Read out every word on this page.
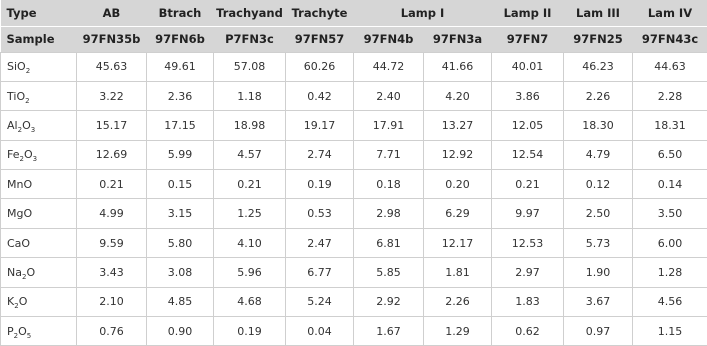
Type	AB	Btrach	Trachyand	Trachyte	Lamp I		Lamp II	Lam III	Lam IV
Sample	97FN35b	97FN6b	P7FN3c	97FN57	97FN4b	97FN3a	97FN7	97FN25	97FN43c
SiO$_2$	45.63	49.61	57.08	60.26	44.72	41.66	40.01	46.23	44.63
TiO$_2$	3.22	2.36	1.18	0.42	2.40	4.20	3.86	2.26	2.28
$Al_2O_3$	15.17	17.15	18.98	19.17	17.91	13.27	12.05	18.30	18.31
$Fe_2O_3$	12.69	5.99	4.57	2.74	7.71	12.92	12.54	4.79	6.50
MnO	0.21	0.15	0.21	0.19	0.18	0.20	0.21	0.12	0.14
MgO	4.99	3.15	1.25	0.53	2.98	6.29	9.97	2.50	3.50
CaO	9.59	5.80	4.10	2.47	6.81	12.17	12.53	5.73	6.00
$Na_2O$	3.43	3.08	5.96	6.77	5.85	1.81	2.97	1.90	1.28
$K_2O$	2.10	4.85	4.68	5.24	2.92	2.26	1.83	3.67	4.56
$P_2O_5$	0.76	0.90	0.19	0.04	1.67	1.29	0.62	0.97	1.15
